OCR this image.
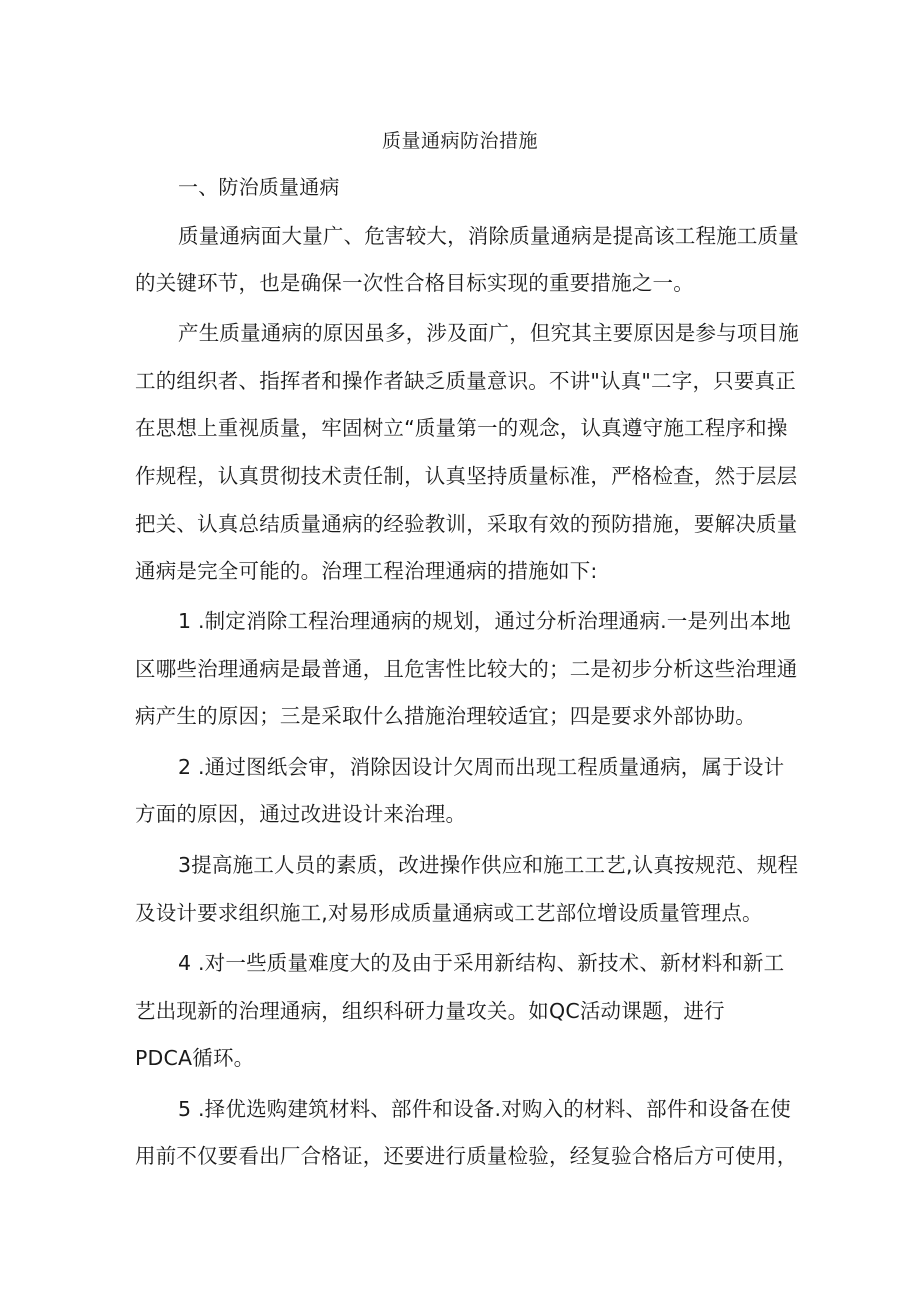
质量通病防治措施
一、防治质量通病
质量通病面大量广、危害较大，消除质量通病是提高该工程施工质量
的关键环节，也是确保一次性合格目标实现的重要措施之一。
产生质量通病的原因虽多，涉及面广，但究其主要原因是参与项目施
工的组织者、指挥者和操作者缺乏质量意识。不讲"认真"二字，只要真正
在思想上重视质量，牢固树立“质量第一的观念，认真遵守施工程序和操
作规程，认真贯彻技术责任制，认真坚持质量标准，严格检查，然于层层
把关、认真总结质量通病的经验教训，采取有效的预防措施，要解决质量
通病是完全可能的。治理工程治理通病的措施如下:
1 .制定消除工程治理通病的规划，通过分析治理通病.一是列出本地
区哪些治理通病是最普通，且危害性比较大的；二是初步分析这些治理通
病产生的原因；三是采取什么措施治理较适宜；四是要求外部协助。
2 .通过图纸会审，消除因设计欠周而出现工程质量通病，属于设计
方面的原因，通过改进设计来治理。
3提高施工人员的素质，改进操作供应和施工工艺,认真按规范、规程
及设计要求组织施工,对易形成质量通病或工艺部位增设质量管理点。
4 .对一些质量难度大的及由于采用新结构、新技术、新材料和新工
艺出现新的治理通病，组织科研力量攻关。如QC活动课题，进行
PDCA循环。
5 .择优选购建筑材料、部件和设备.对购入的材料、部件和设备在使
用前不仅要看出厂合格证，还要进行质量检验，经复验合格后方可使用，
